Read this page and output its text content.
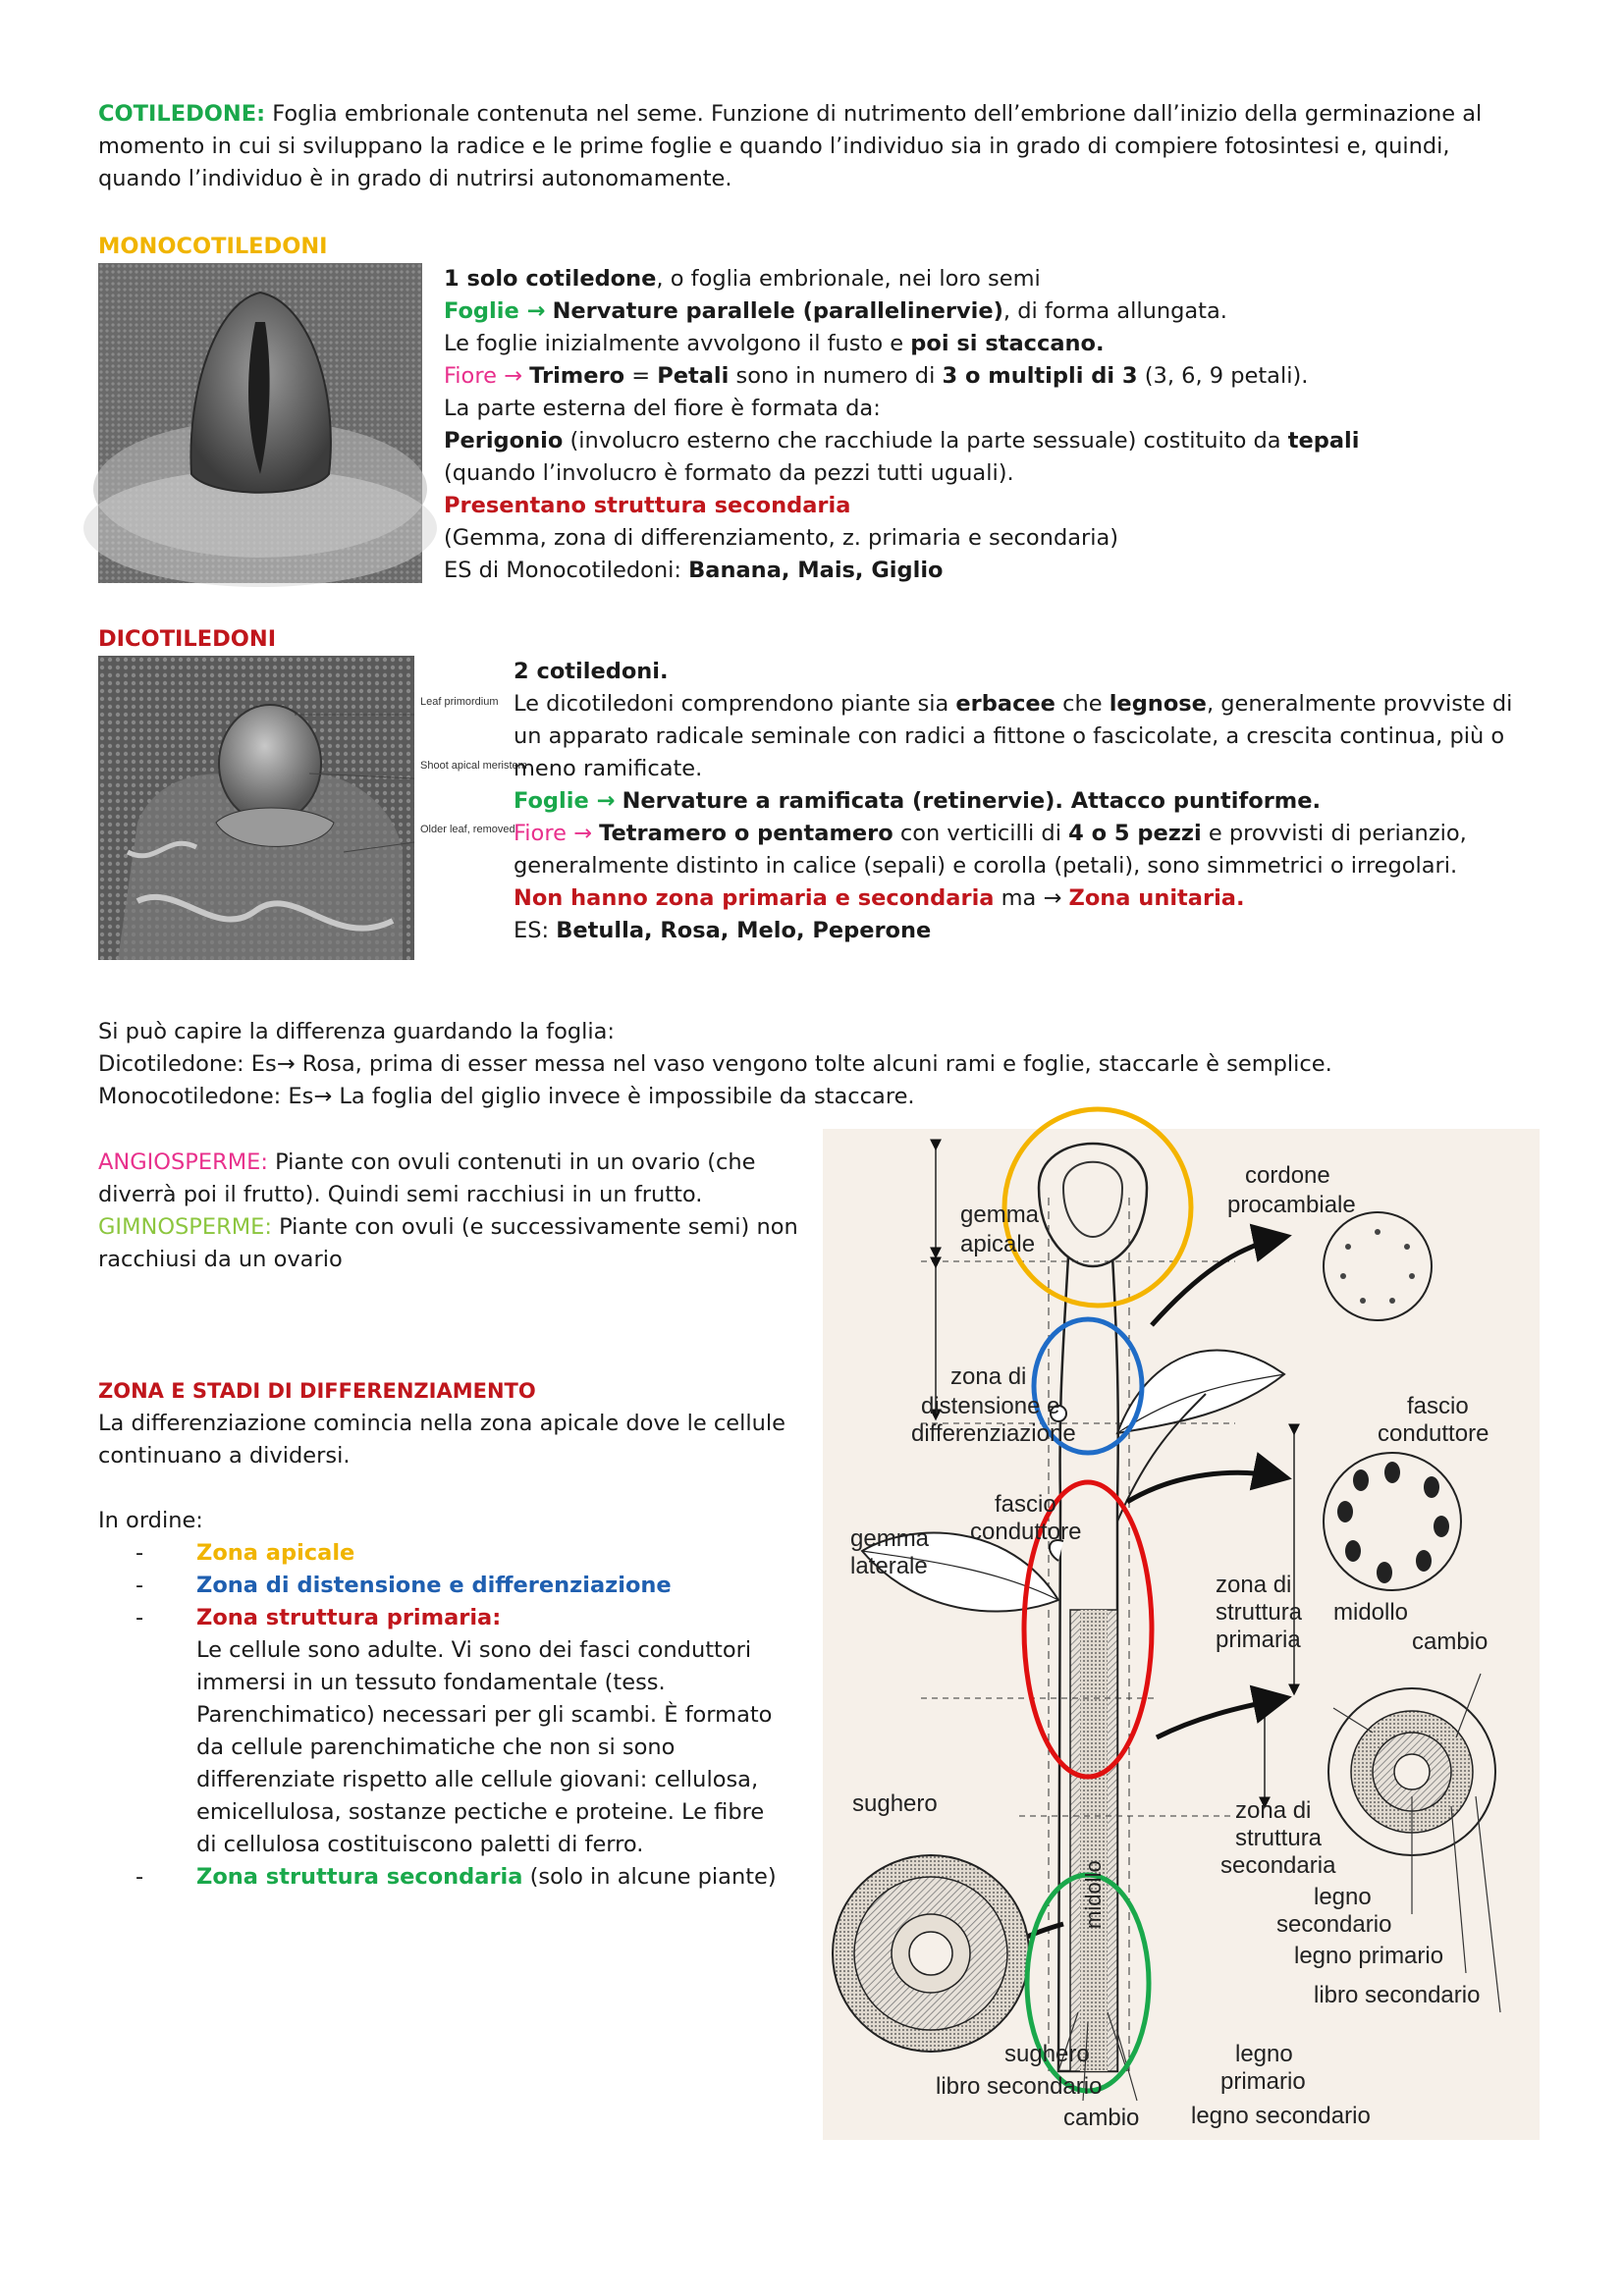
COTILEDONE: Foglia embrionale contenuta nel seme. Funzione di nutrimento dell’embrione dall’inizio della germinazione al momento in cui si sviluppano la radice e le prime foglie e quando l’individuo sia in grado di compiere fotosintesi e, quindi, quando l’individuo è in grado di nutrirsi autonomamente.

MONOCOTILEDONI
1 solo cotiledone, o foglia embrionale, nei loro semi
Foglie → Nervature parallele (parallelinervie), di forma allungata.
Le foglie inizialmente avvolgono il fusto e poi si staccano.
Fiore → Trimero = Petali sono in numero di 3 o multipli di 3 (3, 6, 9 petali).
La parte esterna del fiore è formata da:
Perigonio (involucro esterno che racchiude la parte sessuale) costituito da tepali
(quando l’involucro è formato da pezzi tutti uguali).
Presentano struttura secondaria
(Gemma, zona di differenziamento, z. primaria e secondaria)
ES di Monocotiledoni: Banana, Mais, Giglio
DICOTILEDONI
Leaf primordium
Shoot apical meristem
Older leaf, removed
2 cotiledoni.
Le dicotiledoni comprendono piante sia erbacee che legnose, generalmente provviste di un apparato radicale seminale con radici a fittone o fascicolate, a crescita continua, più o meno ramificate.
Foglie → Nervature a ramificata (retinervie). Attacco puntiforme.
Fiore → Tetramero o pentamero con verticilli di 4 o 5 pezzi e provvisti di perianzio, generalmente distinto in calice (sepali) e corolla (petali), sono simmetrici o irregolari.
Non hanno zona primaria e secondaria ma → Zona unitaria.
ES: Betulla, Rosa, Melo, Peperone
Si può capire la differenza guardando la foglia:
Dicotiledone: Es→ Rosa, prima di esser messa nel vaso vengono tolte alcuni rami e foglie, staccarle è semplice.
Monocotiledone: Es→ La foglia del giglio invece è impossibile da staccare.
ANGIOSPERME: Piante con ovuli contenuti in un ovario (che diverrà poi il frutto). Quindi semi racchiusi in un frutto.
GIMNOSPERME: Piante con ovuli (e successivamente semi) non racchiusi da un ovario
ZONA E STADI DI DIFFERENZIAMENTO
La differenziazione comincia nella zona apicale dove le cellule continuano a dividersi.
In ordine:
- Zona apicale
- Zona di distensione e differenziazione
- Zona struttura primaria:
Le cellule sono adulte. Vi sono dei fasci conduttori immersi in un tessuto fondamentale (tess. Parenchimatico) necessari per gli scambi. È formato da cellule parenchimatiche che non si sono differenziate rispetto alle cellule giovani: cellulosa, emicellulosa, sostanze pectiche e proteine. Le fibre di cellulosa costituiscono paletti di ferro.
- Zona struttura secondaria (solo in alcune piante)
gemma
apicale
cordone
procambiale
zona di
distensione e
differenziazione
fascio
conduttore
fascio
conduttore
gemma
laterale
zona di
struttura
primaria
midollo
cambio
sughero	zona di
struttura
secondaria
legno
secondario
legno primario
libro secondario
sughero
libro secondario
cambio
legno
primario
legno secondario
midollo
